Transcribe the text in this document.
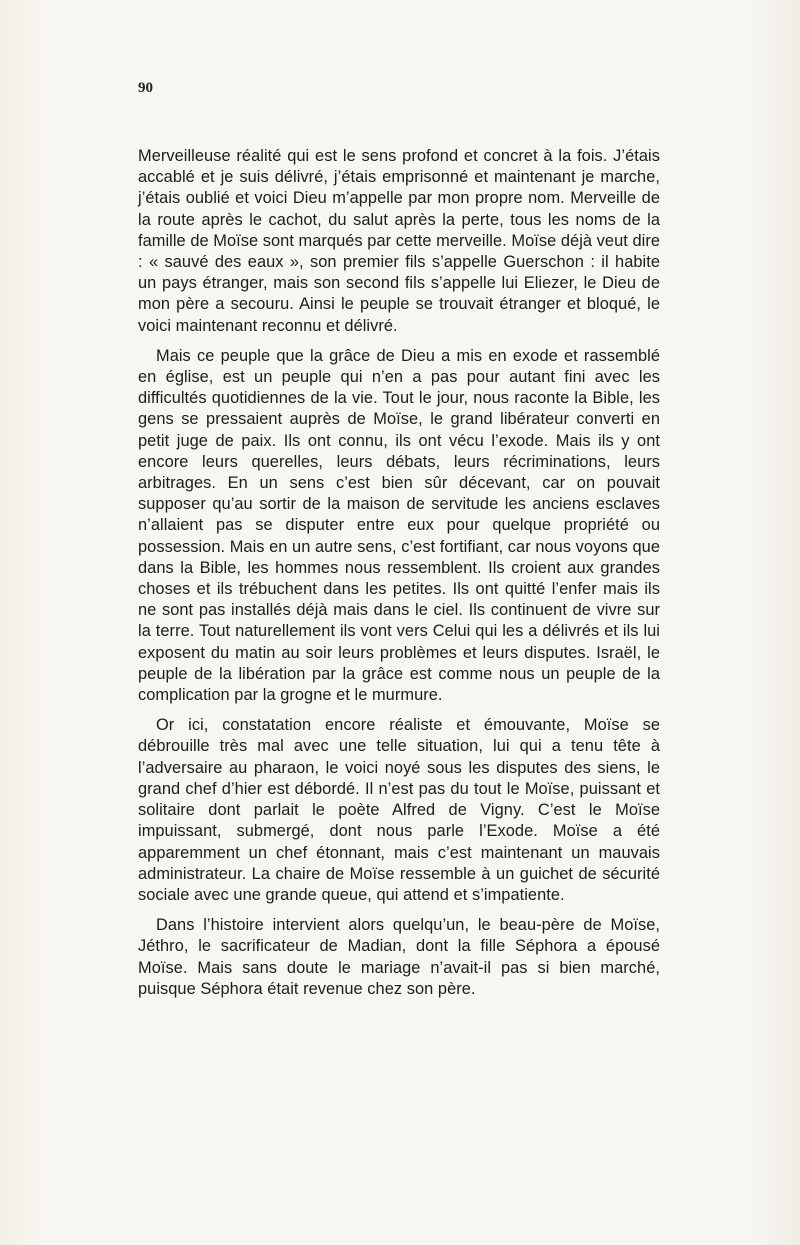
90

Merveilleuse réalité qui est le sens profond et concret à la fois. J’étais accablé et je suis délivré, j’étais emprisonné et maintenant je marche, j’étais oublié et voici Dieu m’appelle par mon propre nom. Merveille de la route après le cachot, du salut après la perte, tous les noms de la famille de Moïse sont marqués par cette merveille. Moïse déjà veut dire : « sauvé des eaux », son premier fils s’appelle Guerschon : il habite un pays étranger, mais son second fils s’appelle lui Eliezer, le Dieu de mon père a secouru. Ainsi le peuple se trouvait étranger et bloqué, le voici maintenant reconnu et délivré.

Mais ce peuple que la grâce de Dieu a mis en exode et rassemblé en église, est un peuple qui n’en a pas pour autant fini avec les difficultés quotidiennes de la vie. Tout le jour, nous raconte la Bible, les gens se pressaient auprès de Moïse, le grand libérateur converti en petit juge de paix. Ils ont connu, ils ont vécu l’exode. Mais ils y ont encore leurs querelles, leurs débats, leurs récriminations, leurs arbitrages. En un sens c’est bien sûr décevant, car on pouvait supposer qu’au sortir de la maison de servitude les anciens esclaves n’allaient pas se disputer entre eux pour quelque propriété ou possession. Mais en un autre sens, c’est fortifiant, car nous voyons que dans la Bible, les hommes nous ressemblent. Ils croient aux grandes choses et ils trébuchent dans les petites. Ils ont quitté l’enfer mais ils ne sont pas installés déjà mais dans le ciel. Ils continuent de vivre sur la terre. Tout naturellement ils vont vers Celui qui les a délivrés et ils lui exposent du matin au soir leurs problèmes et leurs disputes. Israël, le peuple de la libération par la grâce est comme nous un peuple de la complication par la grogne et le murmure.

Or ici, constatation encore réaliste et émouvante, Moïse se débrouille très mal avec une telle situation, lui qui a tenu tête à l’adversaire au pharaon, le voici noyé sous les disputes des siens, le grand chef d’hier est débordé. Il n’est pas du tout le Moïse, puissant et solitaire dont parlait le poète Alfred de Vigny. C’est le Moïse impuissant, submergé, dont nous parle l’Exode. Moïse a été apparemment un chef étonnant, mais c’est maintenant un mauvais administrateur. La chaire de Moïse ressemble à un guichet de sécurité sociale avec une grande queue, qui attend et s’impatiente.

Dans l’histoire intervient alors quelqu’un, le beau-père de Moïse, Jéthro, le sacrificateur de Madian, dont la fille Séphora a épousé Moïse. Mais sans doute le mariage n’avait-il pas si bien marché, puisque Séphora était revenue chez son père.
